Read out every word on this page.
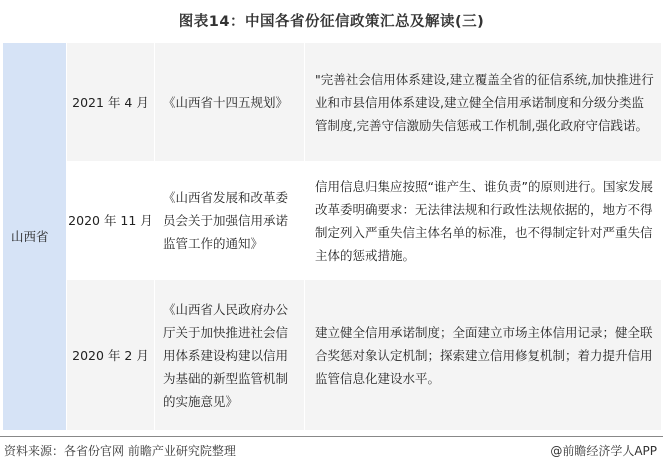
图表14：中国各省份征信政策汇总及解读(三)
山西省	2021 年 4 月	《山西省十四五规划》	"完善社会信用体系建设,建立覆盖全省的征信系统,加快推进行业和市县信用体系建设,建立健全信用承诺制度和分级分类监管制度,完善守信激励失信惩戒工作机制,强化政府守信践诺。
	2020 年 11 月	《山西省发展和改革委员会关于加强信用承诺监管工作的通知》	信用信息归集应按照“谁产生、谁负责”的原则进行。国家发展改革委明确要求：无法律法规和行政性法规依据的，地方不得制定列入严重失信主体名单的标准，也不得制定针对严重失信主体的惩戒措施。
	2020 年 2 月	《山西省人民政府办公厅关于加快推进社会信用体系建设构建以信用为基础的新型监管机制的实施意见》	建立健全信用承诺制度；全面建立市场主体信用记录；健全联合奖惩对象认定机制；探索建立信用修复机制；着力提升信用监管信息化建设水平。
资料来源：各省份官网 前瞻产业研究院整理	@前瞻经济学人APP
